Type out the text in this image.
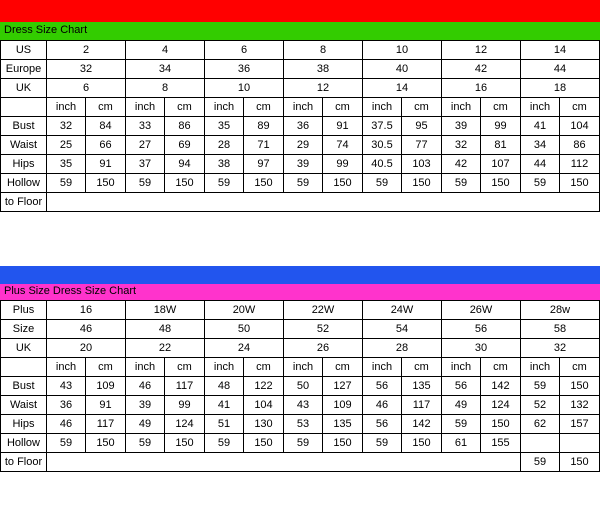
Dress Size Chart
US	2		4		6		8		10		12		14	
Europe	32		34		36		38		40		42		44	
UK	6		8		10		12		14		16		18	
	inch	cm	inch	cm	inch	cm	inch	cm	inch	cm	inch	cm	inch	cm
Bust	32	84	33	86	35	89	36	91	37.5	95	39	99	41	104
Waist	25	66	27	69	28	71	29	74	30.5	77	32	81	34	86
Hips	35	91	37	94	38	97	39	99	40.5	103	42	107	44	112
Hollow	59	150	59	150	59	150	59	150	59	150	59	150	59	150
to Floor														
Plus Size Dress Size Chart
Plus	16		18W		20W		22W		24W		26W		28w	
Size	46		48		50		52		54		56		58	
UK	20		22		24		26		28		30		32	
	inch	cm	inch	cm	inch	cm	inch	cm	inch	cm	inch	cm	inch	cm
Bust	43	109	46	117	48	122	50	127	56	135	56	142	59	150
Waist	36	91	39	99	41	104	43	109	46	117	49	124	52	132
Hips	46	117	49	124	51	130	53	135	56	142	59	150	62	157
Hollow	59	150	59	150	59	150	59	150	59	150	61	155		
to Floor													59	150
